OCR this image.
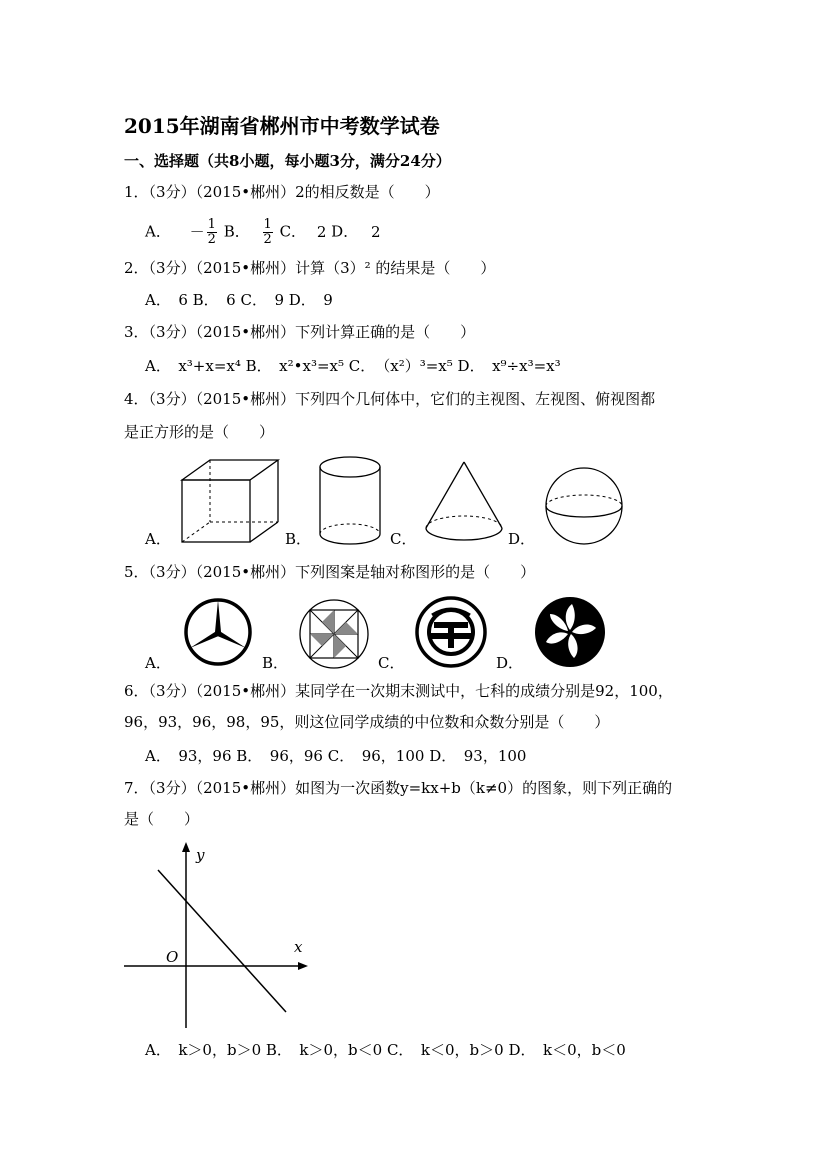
2015年湖南省郴州市中考数学试卷
一、选择题（共8小题，每小题3分，满分24分）
1．（3分）（2015•郴州）2的相反数是（　　）
A． － $\frac{1}{2}$ B． $\frac{1}{2}$ C． 2 D． 2
2．（3分）（2015•郴州）计算（3）² 的结果是（　　）
A．　6 B．　6 C．　9 D．　9
3．（3分）（2015•郴州）下列计算正确的是（　　）
A．　x³+x=x⁴ B．　x²•x³=x⁵ C．　（x²）³=x⁵ D．　x⁹÷x³=x³
4．（3分）（2015•郴州）下列四个几何体中，它们的主视图、左视图、俯视图都
是正方形的是（　　）
A．	B．	C．	D．
5．（3分）（2015•郴州）下列图案是轴对称图形的是（　　）
A．	B．	C．	D．
6．（3分）（2015•郴州）某同学在一次期末测试中，七科的成绩分别是92，100，
96，93，96，98，95，则这位同学成绩的中位数和众数分别是（　　）
A．　93，96 B．　96，96 C．　96，100 D．　93，100
7．（3分）（2015•郴州）如图为一次函数y=kx+b（k≠0）的图象，则下列正确的
是（　　）
y
x
O
A．　k＞0，b＞0 B．　k＞0，b＜0 C．　k＜0，b＞0 D．　k＜0，b＜0
